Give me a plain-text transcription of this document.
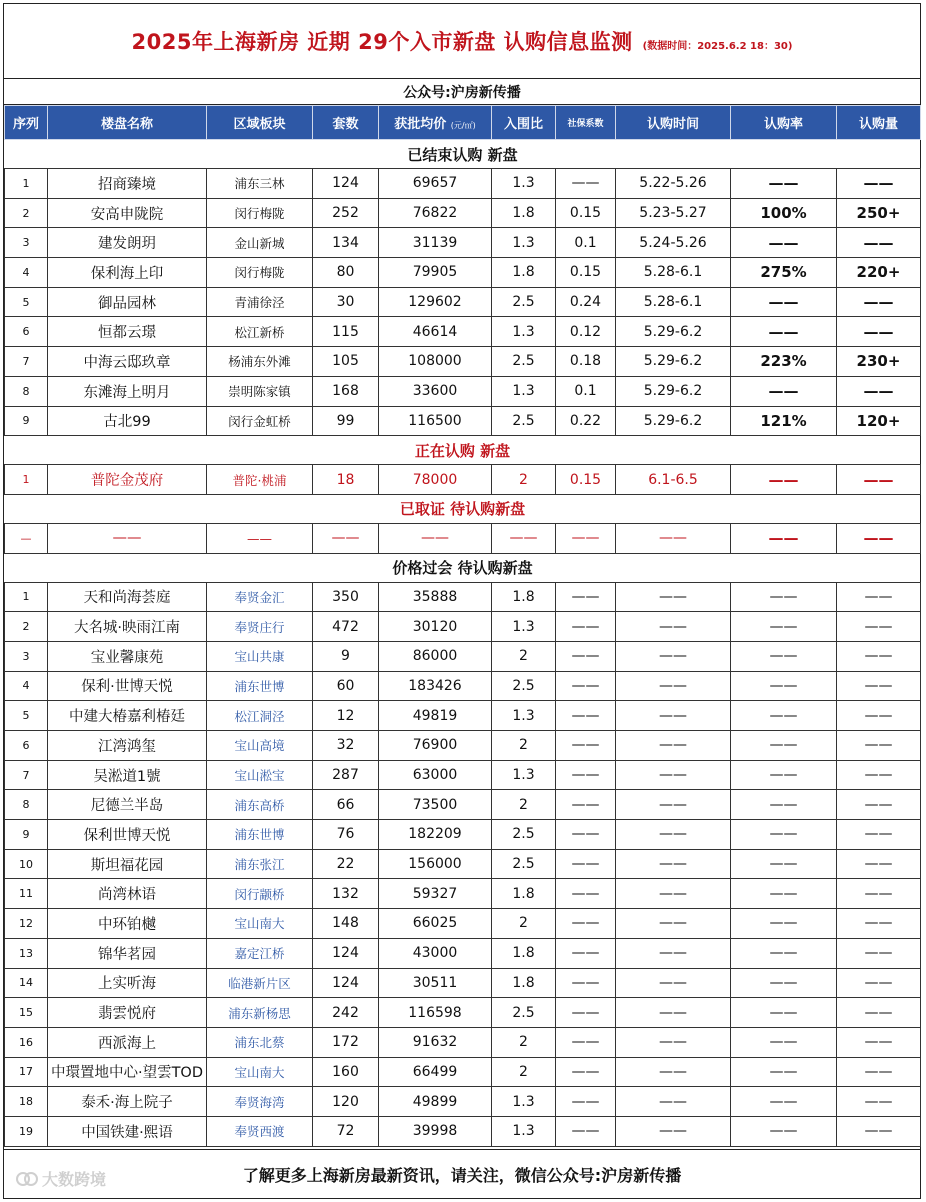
2025年上海新房 近期 29个入市新盘 认购信息监测 (数据时间：2025.6.2 18：30)
公众号:沪房新传播
序列	楼盘名称	区域板块	套数	获批均价 (元/㎡)	入围比	社保系数	认购时间	认购率	认购量
已结束认购 新盘									
1	招商臻境	浦东三林	124	69657	1.3	——	5.22-5.26	——	——
2	安高申陇院	闵行梅陇	252	76822	1.8	0.15	5.23-5.27	100%	250+
3	建发朗玥	金山新城	134	31139	1.3	0.1	5.24-5.26	——	——
4	保利海上印	闵行梅陇	80	79905	1.8	0.15	5.28-6.1	275%	220+
5	御品园林	青浦徐泾	30	129602	2.5	0.24	5.28-6.1	——	——
6	恒都云璟	松江新桥	115	46614	1.3	0.12	5.29-6.2	——	——
7	中海云邸玖章	杨浦东外滩	105	108000	2.5	0.18	5.29-6.2	223%	230+
8	东滩海上明月	崇明陈家镇	168	33600	1.3	0.1	5.29-6.2	——	——
9	古北99	闵行金虹桥	99	116500	2.5	0.22	5.29-6.2	121%	120+
正在认购 新盘									
1	普陀金茂府	普陀·桃浦	18	78000	2	0.15	6.1-6.5	——	——
已取证 待认购新盘									
—	——	——	——	——	——	——	——	——	——
价格过会 待认购新盘									
1	天和尚海荟庭	奉贤金汇	350	35888	1.8	——	——	——	——
2	大名城·映雨江南	奉贤庄行	472	30120	1.3	——	——	——	——
3	宝业馨康苑	宝山共康	9	86000	2	——	——	——	——
4	保利·世博天悦	浦东世博	60	183426	2.5	——	——	——	——
5	中建大椿嘉利椿廷	松江洞泾	12	49819	1.3	——	——	——	——
6	江湾鸿玺	宝山高境	32	76900	2	——	——	——	——
7	吴淞道1號	宝山淞宝	287	63000	1.3	——	——	——	——
8	尼德兰半岛	浦东高桥	66	73500	2	——	——	——	——
9	保利世博天悦	浦东世博	76	182209	2.5	——	——	——	——
10	斯坦福花园	浦东张江	22	156000	2.5	——	——	——	——
11	尚湾林语	闵行颛桥	132	59327	1.8	——	——	——	——
12	中环铂樾	宝山南大	148	66025	2	——	——	——	——
13	锦华茗园	嘉定江桥	124	43000	1.8	——	——	——	——
14	上实听海	临港新片区	124	30511	1.8	——	——	——	——
15	翡雲悦府	浦东新杨思	242	116598	2.5	——	——	——	——
16	西派海上	浦东北蔡	172	91632	2	——	——	——	——
17	中環置地中心·望雲TOD	宝山南大	160	66499	2	——	——	——	——
18	泰禾·海上院子	奉贤海湾	120	49899	1.3	——	——	——	——
19	中国铁建·熙语	奉贤西渡	72	39998	1.3	——	——	——	——
了解更多上海新房最新资讯，请关注，微信公众号:沪房新传播
大数跨境
